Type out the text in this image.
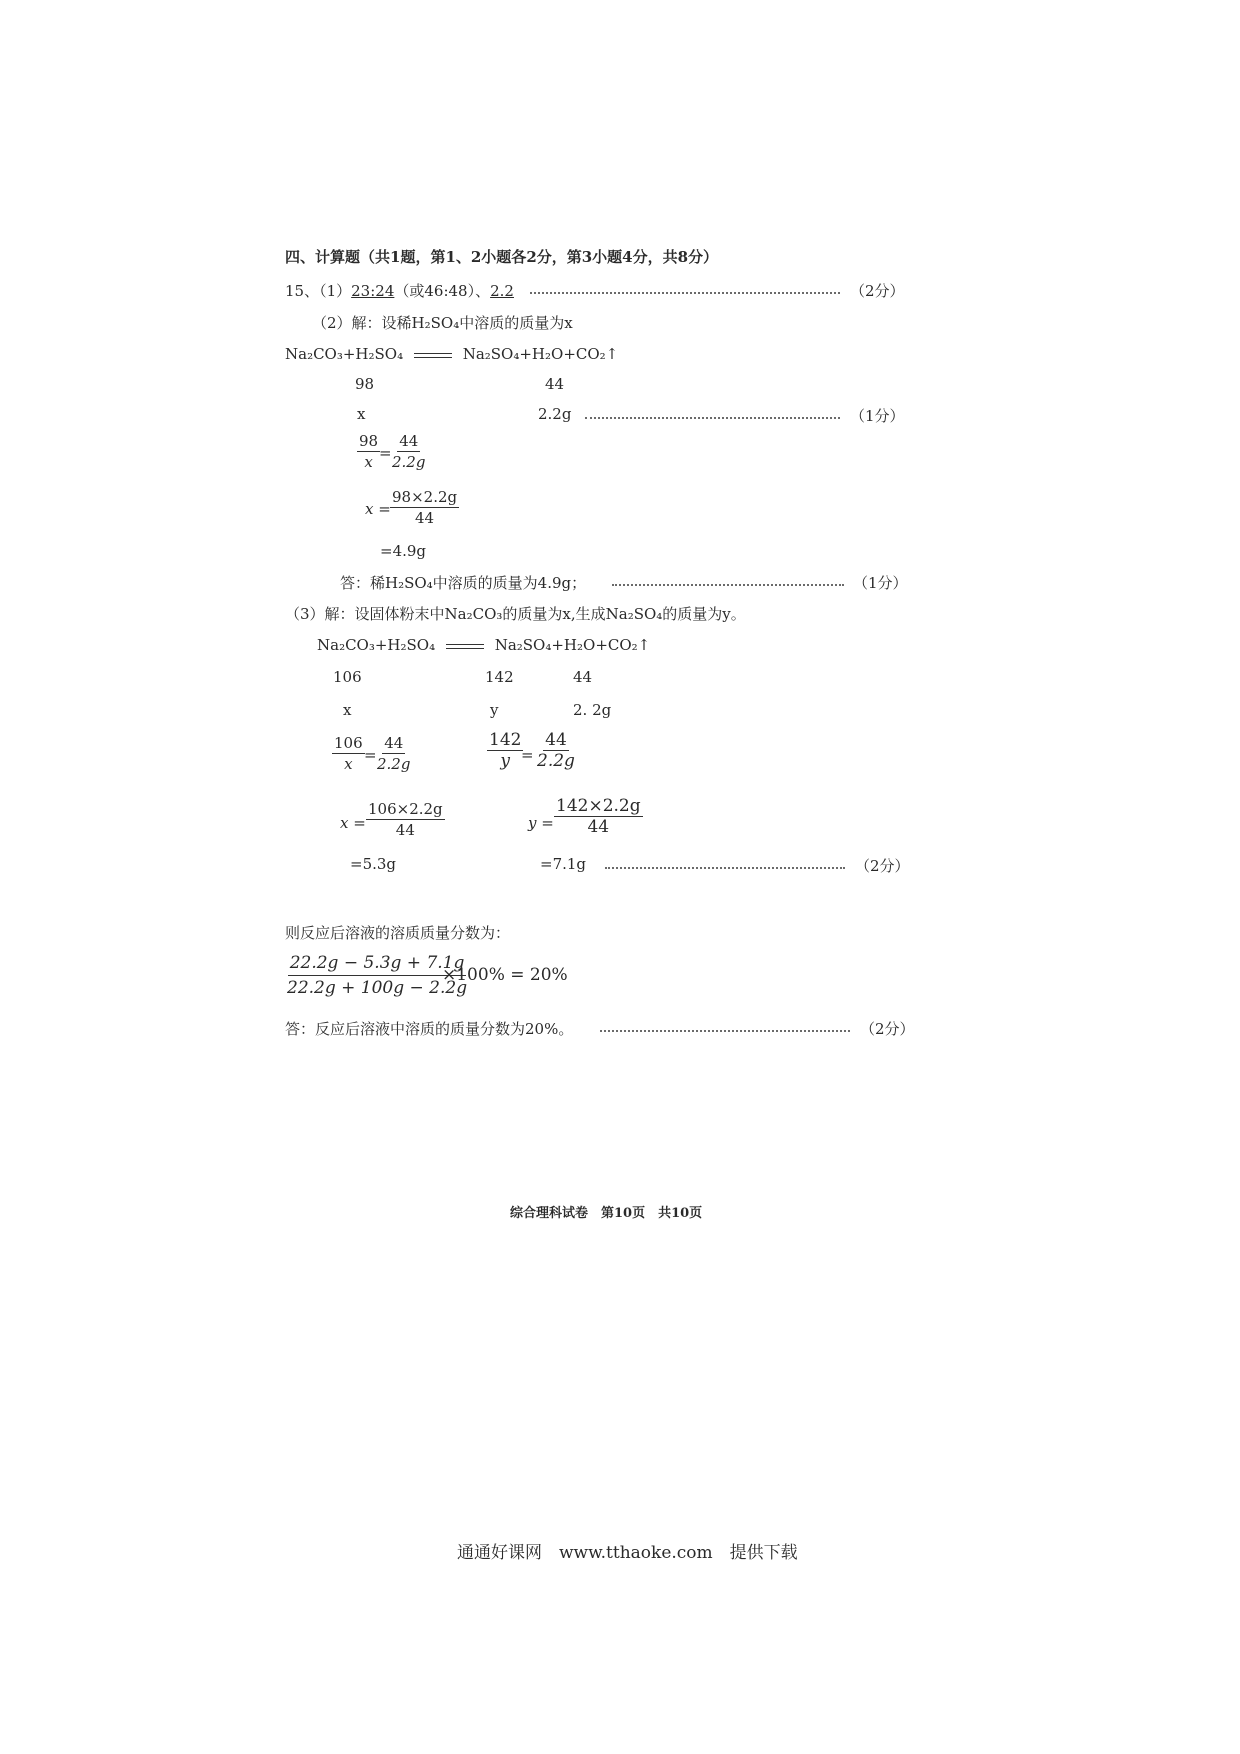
四、计算题（共1题，第1、2小题各2分，第3小题4分，共8分）
15、（1）23:24（或46:48）、2.2	（2分）
（2）解：设稀H₂SO₄中溶质的质量为x
Na₂CO₃+H₂SO₄	Na₂SO₄+H₂O+CO₂↑
98	44
x	2.2g	（1分）
$\frac{98}{x}$
=
$\frac{44}{2.2g}$
$x = \frac{98\times 2.2g}{44}$
=4.9g
答：稀H₂SO₄中溶质的质量为4.9g；	（1分）
（3）解：设固体粉末中Na₂CO₃的质量为x,生成Na₂SO₄的质量为y。
Na₂CO₃+H₂SO₄	Na₂SO₄+H₂O+CO₂↑
106	142	44
x	y	2. 2g
$\frac{106}{x}$ =
$\frac{44}{2.2g}$	$\frac{142}{y}$
= $\frac{44}{2.2g}$
$x = \frac{106\times 2.2g}{44}$	$y = \frac{142\times 2.2g}{44}$
=5.3g	=7.1g	（2分）
则反应后溶液的溶质质量分数为：
$\frac{22.2g - 5.3g + 7.1g}{22.2g + 100g - 2.2g}$
×100% = 20%
答：反应后溶液中溶质的质量分数为20%。	（2分）
综合理科试卷　第10页　共10页
通通好课网　www.tthaoke.com　提供下载
